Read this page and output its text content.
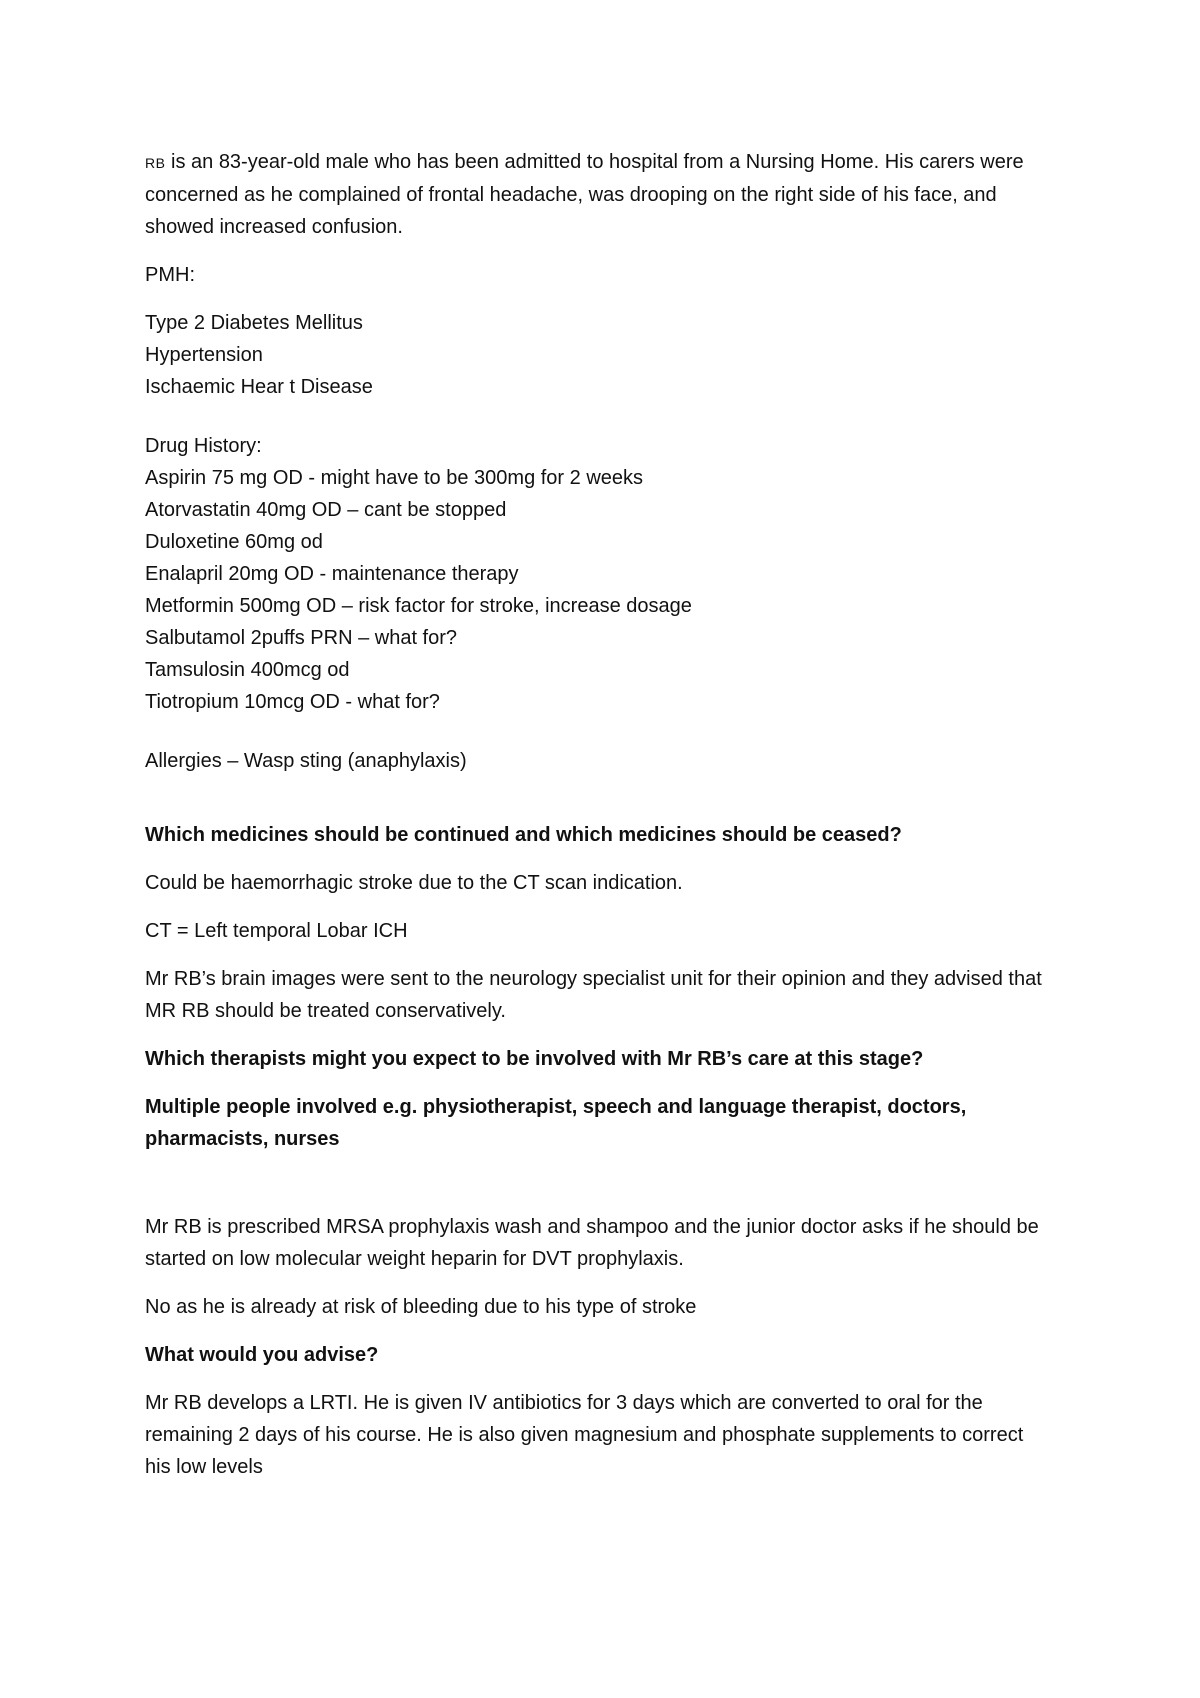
RB is an 83-year-old male who has been admitted to hospital from a Nursing Home. His carers were concerned as he complained of frontal headache, was drooping on the right side of his face, and showed increased confusion.

PMH:

Type 2 Diabetes Mellitus
Hypertension
Ischaemic Hear t Disease
Drug History:
Aspirin 75 mg OD - might have to be 300mg for 2 weeks
Atorvastatin 40mg OD – cant be stopped
Duloxetine 60mg od
Enalapril 20mg OD - maintenance therapy
Metformin 500mg OD – risk factor for stroke, increase dosage
Salbutamol 2puffs PRN – what for?
Tamsulosin 400mcg od
Tiotropium 10mcg OD - what for?

Allergies – Wasp sting (anaphylaxis)

Which medicines should be continued and which medicines should be ceased?

Could be haemorrhagic stroke due to the CT scan indication.

CT = Left temporal Lobar ICH

Mr RB’s brain images were sent to the neurology specialist unit for their opinion and they advised that MR RB should be treated conservatively.

Which therapists might you expect to be involved with Mr RB’s care at this stage?

Multiple people involved e.g. physiotherapist, speech and language therapist, doctors, pharmacists, nurses

Mr RB is prescribed MRSA prophylaxis wash and shampoo and the junior doctor asks if he should be started on low molecular weight heparin for DVT prophylaxis.

No as he is already at risk of bleeding due to his type of stroke

What would you advise?

Mr RB develops a LRTI. He is given IV antibiotics for 3 days which are converted to oral for the remaining 2 days of his course. He is also given magnesium and phosphate supplements to correct his low levels
